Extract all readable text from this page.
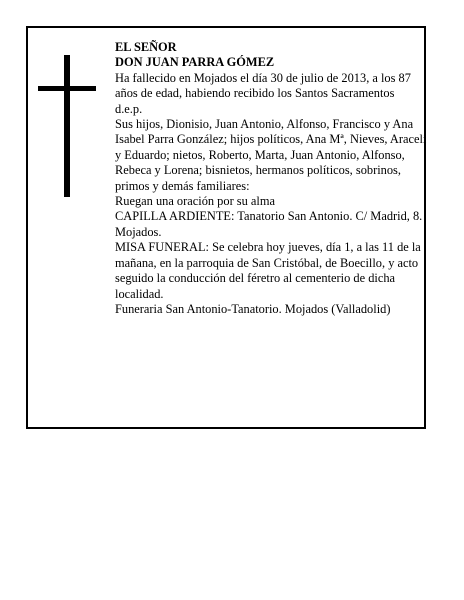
EL SEÑOR

DON JUAN PARRA GÓMEZ

Ha fallecido en Mojados el día 30 de julio de 2013, a los 87 años de edad, habiendo recibido los Santos Sacramentos

d.e.p.

Sus hijos, Dionisio, Juan Antonio, Alfonso, Francisco y Ana Isabel Parra González; hijos políticos, Ana Mª, Nieves, Araceli y Eduardo; nietos, Roberto, Marta, Juan Antonio, Alfonso, Rebeca y Lorena; bisnietos, hermanos políticos, sobrinos, primos y demás familiares:

Ruegan una oración por su alma

CAPILLA ARDIENTE: Tanatorio San Antonio. C/ Madrid, 8. Mojados.

MISA FUNERAL: Se celebra hoy jueves, día 1, a las 11 de la mañana, en la parroquia de San Cristóbal, de Boecillo, y acto seguido la conducción del féretro al cementerio de dicha localidad.

Funeraria San Antonio-Tanatorio. Mojados (Valladolid)
